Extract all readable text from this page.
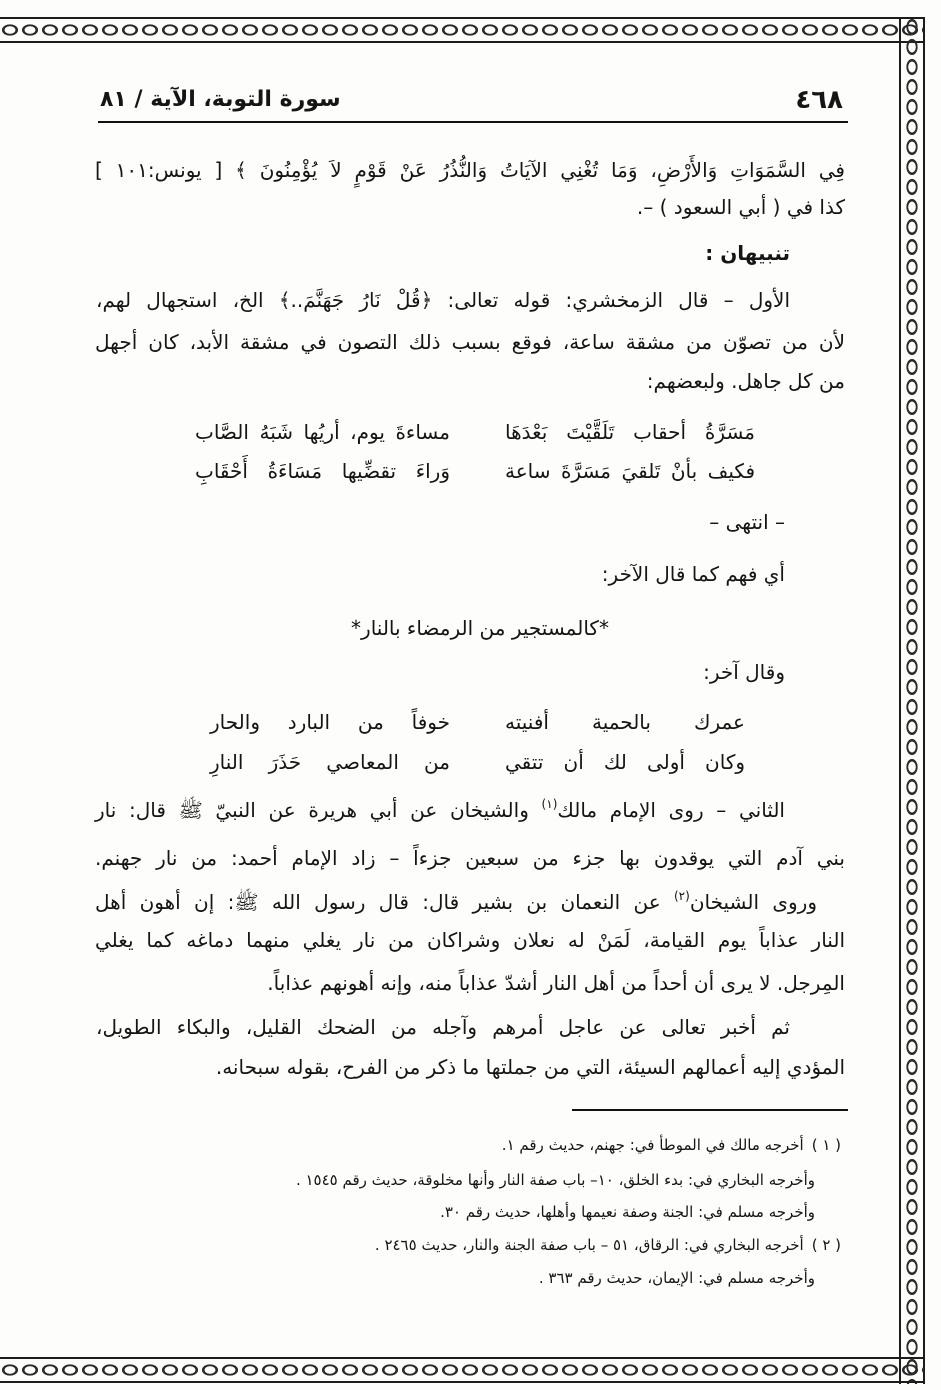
٤٦٨
سورة التوبة، الآية / ٨١
فِي السَّمَوَاتِ وَالأَرْضِ، وَمَا تُغْنِي الآيَاتُ وَالنُّذُرُ عَنْ قَوْمٍ لاَ يُؤْمِنُونَ ﴾ [ يونس:١٠١ ]
كذا في ( أبي السعود ) –.
تنبيهان :
الأول – قال الزمخشري: قوله تعالى: ﴿قُلْ نَارُ جَهَنَّمَ..﴾ الخ، استجهال لهم،
لأن من تصوّن من مشقة ساعة، فوقع بسبب ذلك التصون في مشقة الأبد، كان أجهل
من كل جاهل. ولبعضهم:
مَسَرَّةُ أحقاب تَلَقَّيْتَ بَعْدَهَا
مساءةَ يوم، أريُها شَبَهُ الصَّاب
فكيف بأنْ تَلقيَ مَسَرَّةَ ساعة
وَراءَ تقضِّيها مَسَاءَةُ أَحْقَابِ
– انتهى –
أي فهم كما قال الآخر:
*كالمستجير من الرمضاء بالنار*
وقال آخر:
عمرك بالحمية أفنيته
خوفاً من البارد والحار
وكان أولى لك أن تتقي
من المعاصي حَذَرَ النارِ
الثاني – روى الإمام مالك$^{(١)}$ والشيخان عن أبي هريرة عن النبيّ ﷺ قال: نار
بني آدم التي يوقدون بها جزء من سبعين جزءاً – زاد الإمام أحمد: من نار جهنم.
وروى الشيخان$^{(٢)}$ عن النعمان بن بشير قال: قال رسول الله ﷺ: إن أهون أهل
النار عذاباً يوم القيامة، لَمَنْ له نعلان وشراكان من نار يغلي منهما دماغه كما يغلي
المِرجل. لا يرى أن أحداً من أهل النار أشدّ عذاباً منه، وإنه أهونهم عذاباً.
ثم أخبر تعالى عن عاجل أمرهم وآجله من الضحك القليل، والبكاء الطويل،
المؤدي إليه أعمالهم السيئة، التي من جملتها ما ذكر من الفرح، بقوله سبحانه.
( ١ )أخرجه مالك في الموطأ في: جهنم، حديث رقم ١.
وأخرجه البخاري في: بدء الخلق، ١٠– باب صفة النار وأنها مخلوقة، حديث رقم ١٥٤٥ .
وأخرجه مسلم في: الجنة وصفة نعيمها وأهلها، حديث رقم ٣٠.
( ٢ )أخرجه البخاري في: الرقاق، ٥١ – باب صفة الجنة والنار، حديث ٢٤٦٥ .
وأخرجه مسلم في: الإيمان، حديث رقم ٣٦٣ .
